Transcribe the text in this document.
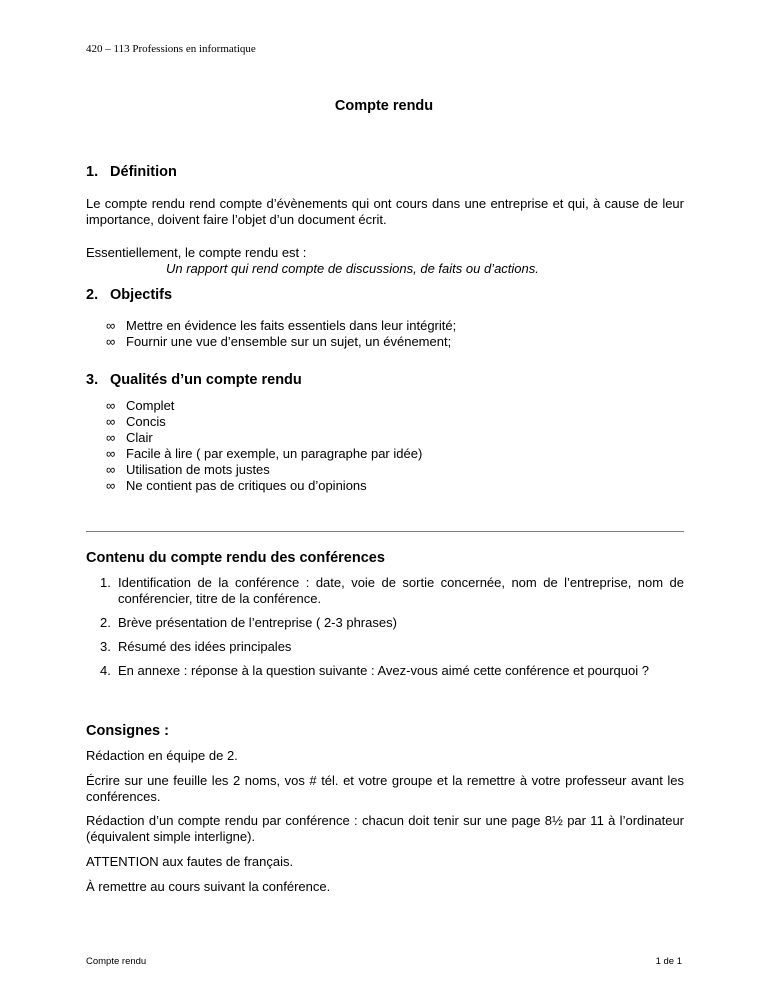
420 – 113 Professions en informatique
Compte rendu
1. Définition
Le compte rendu rend compte d’évènements qui ont cours dans une entreprise et qui, à cause de leur importance, doivent faire l’objet d’un document écrit.
Essentiellement, le compte rendu est :
Un rapport qui rend compte de discussions, de faits ou d’actions.
2. Objectifs
∞ Mettre en évidence les faits essentiels dans leur intégrité;
∞ Fournir une vue d’ensemble sur un sujet, un événement;
3. Qualités d’un compte rendu
∞ Complet
∞ Concis
∞ Clair
∞ Facile à lire ( par exemple, un paragraphe par idée)
∞ Utilisation de mots justes
∞ Ne contient pas de critiques ou d’opinions
Contenu du compte rendu des conférences
1. Identification de la conférence : date, voie de sortie concernée, nom de l’entreprise, nom de conférencier, titre de la conférence.
2. Brève présentation de l’entreprise ( 2-3 phrases)
3. Résumé des idées principales
4. En annexe : réponse à la question suivante : Avez-vous aimé cette conférence et pourquoi ?
Consignes :
Rédaction en équipe de 2.
Écrire sur une feuille les 2 noms, vos # tél. et votre groupe et la remettre à votre professeur avant les conférences.
Rédaction d’un compte rendu par conférence : chacun doit tenir sur une page 8½ par 11 à l’ordinateur (équivalent simple interligne).
ATTENTION aux fautes de français.
À remettre au cours suivant la conférence.
Compte rendu	1 de 1
